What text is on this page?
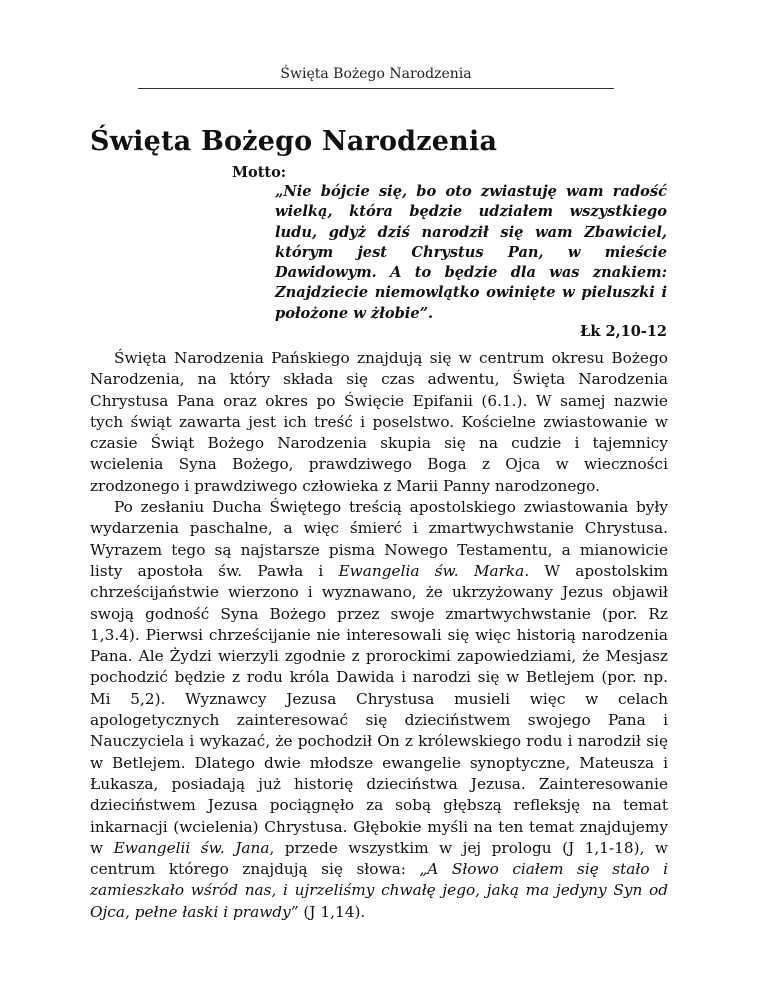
Święta Bożego Narodzenia
Święta Bożego Narodzenia
Motto:

„Nie bójcie się, bo oto zwiastuję wam radość wielką, która będzie udziałem wszystkiego ludu, gdyż dziś narodził się wam Zbawiciel, którym jest Chrystus Pan, w mieście Dawidowym. A to będzie dla was znakiem: Znajdziecie niemowlątko owinięte w pieluszki i położone w żłobie”.

Łk 2,10-12

Święta Narodzenia Pańskiego znajdują się w centrum okresu Bożego Narodzenia, na który składa się czas adwentu, Święta Narodzenia Chrystusa Pana oraz okres po Święcie Epifanii (6.1.). W samej nazwie tych świąt zawarta jest ich treść i poselstwo. Kościelne zwiastowanie w czasie Świąt Bożego Narodzenia skupia się na cudzie i tajemnicy wcielenia Syna Bożego, prawdziwego Boga z Ojca w wieczności zrodzonego i prawdziwego człowieka z Marii Panny narodzonego.

Po zesłaniu Ducha Świętego treścią apostolskiego zwiastowania były wydarzenia paschalne, a więc śmierć i zmartwychwstanie Chrystusa. Wyrazem tego są najstarsze pisma Nowego Testamentu, a mianowicie listy apostoła św. Pawła i Ewangelia św. Marka. W apostolskim chrześcijaństwie wierzono i wyznawano, że ukrzyżowany Jezus objawił swoją godność Syna Bożego przez swoje zmartwychwstanie (por. Rz 1,3.4). Pierwsi chrześcijanie nie interesowali się więc historią narodzenia Pana. Ale Żydzi wierzyli zgodnie z prorockimi zapowiedziami, że Mesjasz pochodzić będzie z rodu króla Dawida i narodzi się w Betlejem (por. np. Mi 5,2). Wyznawcy Jezusa Chrystusa musieli więc w celach apologetycznych zainteresować się dzieciństwem swojego Pana i Nauczyciela i wykazać, że pochodził On z królewskiego rodu i narodził się w Betlejem. Dlatego dwie młodsze ewangelie synoptyczne, Mateusza i Łukasza, posiadają już historię dzieciństwa Jezusa. Zainteresowanie dzieciństwem Jezusa pociągnęło za sobą głębszą refleksję na temat inkarnacji (wcielenia) Chrystusa. Głębokie myśli na ten temat znajdujemy w Ewangelii św. Jana, przede wszystkim w jej prologu (J 1,1-18), w centrum którego znajdują się słowa: „A Słowo ciałem się stało i zamieszkało wśród nas, i ujrzeliśmy chwałę jego, jaką ma jedyny Syn od Ojca, pełne łaski i prawdy” (J 1,14).
